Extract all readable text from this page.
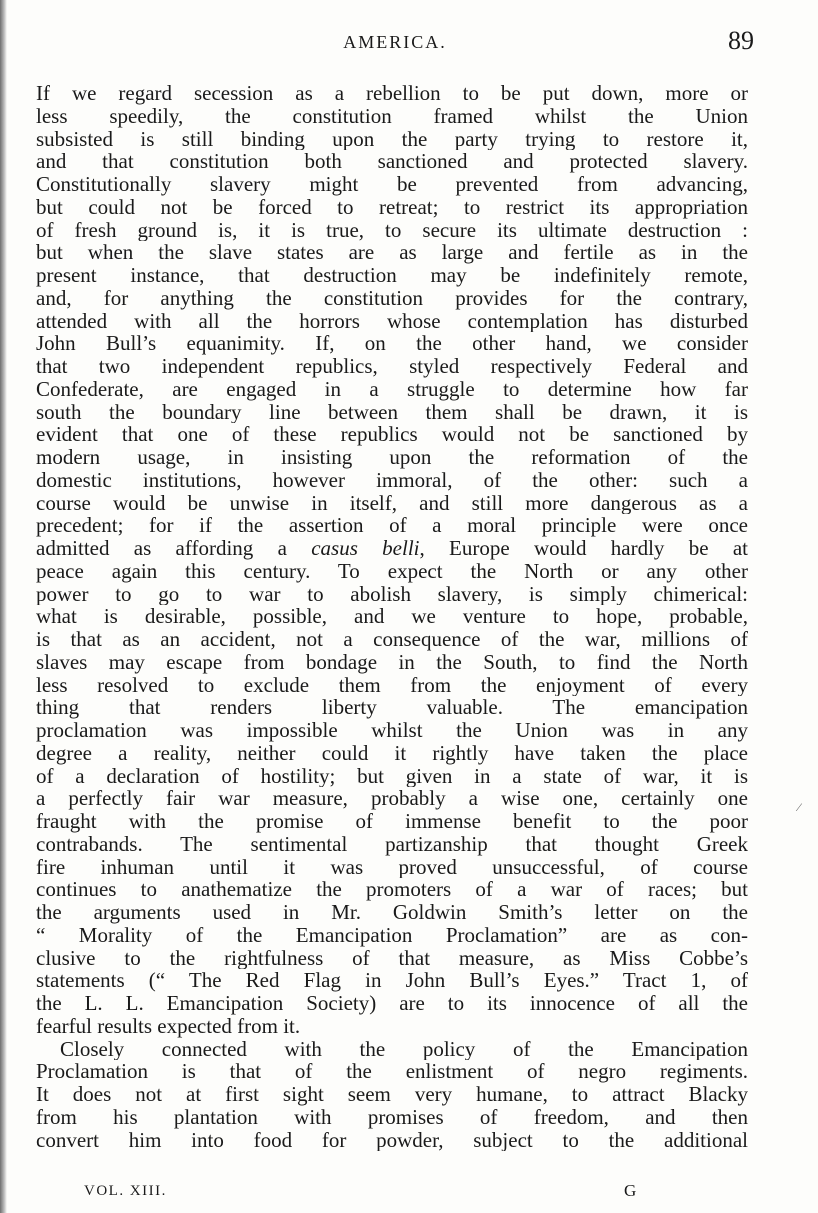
AMERICA.	89
If we regard secession as a rebellion to be put down, more or
less speedily, the constitution framed whilst the Union
subsisted is still binding upon the party trying to restore it,
and that constitution both sanctioned and protected slavery.
Constitutionally slavery might be prevented from advancing,
but could not be forced to retreat; to restrict its appropriation
of fresh ground is, it is true, to secure its ultimate destruction :
but when the slave states are as large and fertile as in the
present instance, that destruction may be indefinitely remote,
and, for anything the constitution provides for the contrary,
attended with all the horrors whose contemplation has disturbed
John Bull’s equanimity. If, on the other hand, we consider
that two independent republics, styled respectively Federal and
Confederate, are engaged in a struggle to determine how far
south the boundary line between them shall be drawn, it is
evident that one of these republics would not be sanctioned by
modern usage, in insisting upon the reformation of the
domestic institutions, however immoral, of the other: such a
course would be unwise in itself, and still more dangerous as a
precedent; for if the assertion of a moral principle were once
admitted as affording a casus belli, Europe would hardly be at
peace again this century. To expect the North or any other
power to go to war to abolish slavery, is simply chimerical:
what is desirable, possible, and we venture to hope, probable,
is that as an accident, not a consequence of the war, millions of
slaves may escape from bondage in the South, to find the North
less resolved to exclude them from the enjoyment of every
thing that renders liberty valuable. The emancipation
proclamation was impossible whilst the Union was in any
degree a reality, neither could it rightly have taken the place
of a declaration of hostility; but given in a state of war, it is
a perfectly fair war measure, probably a wise one, certainly one
fraught with the promise of immense benefit to the poor
contrabands. The sentimental partizanship that thought Greek
fire inhuman until it was proved unsuccessful, of course
continues to anathematize the promoters of a war of races; but
the arguments used in Mr. Goldwin Smith’s letter on the
“ Morality of the Emancipation Proclamation” are as con-
clusive to the rightfulness of that measure, as Miss Cobbe’s
statements (“ The Red Flag in John Bull’s Eyes.” Tract 1, of
the L. L. Emancipation Society) are to its innocence of all the
fearful results expected from it.
Closely connected with the policy of the Emancipation
Proclamation is that of the enlistment of negro regiments.
It does not at first sight seem very humane, to attract Blacky
from his plantation with promises of freedom, and then
convert him into food for powder, subject to the additional
VOL. XIII.	G
⁄
